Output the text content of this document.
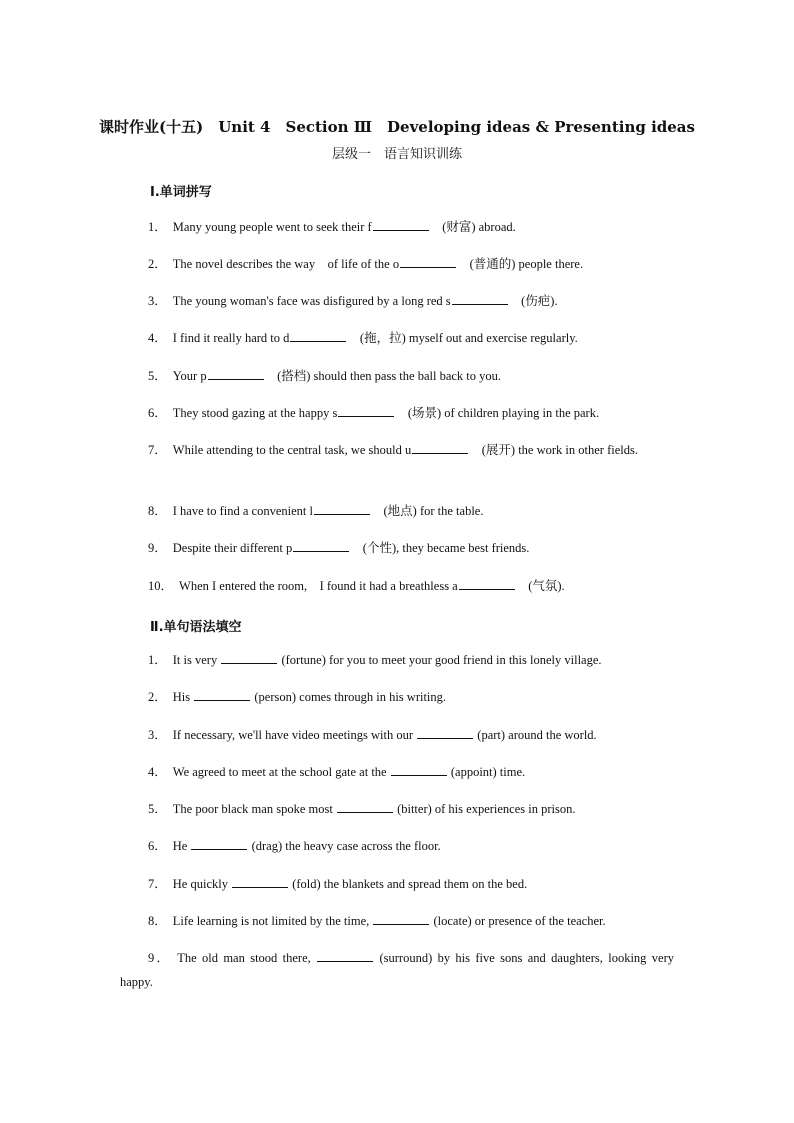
课时作业(十五)　Unit 4　Section Ⅲ　Developing ideas & Presenting ideas
层级一　语言知识训练
Ⅰ.单词拼写
1． Many young people went to seek their f	　(财富) abroad.
2． The novel describes the way　of life of the o	　(普通的) people there.
3． The young woman's face was disfigured by a long red s	　(伤疤).
4． I find it really hard to d	　(拖，拉) myself out and exercise regularly.
5． Your p	　(搭档) should then pass the ball back to you.
6． They stood gazing at the happy s	　(场景) of children playing in the park.
7． While attending to the central task, we should u	　(展开) the work in other fields.
8． I have to find a convenient l	　(地点) for the table.
9． Despite their different p	　(个性), they became best friends.
10． When I entered the room,　I found it had a breathless a	　(气氛).
Ⅱ.单句语法填空
1． It is very	(fortune) for you to meet your good friend in this lonely village.
2． His	(person) comes through in his writing.
3． If necessary, we'll have video meetings with our	(part) around the world.
4． We agreed to meet at the school gate at the	(appoint) time.
5． The poor black man spoke most	(bitter) of his experiences in prison.
6． He	(drag) the heavy case across the floor.
7． He quickly	(fold) the blankets and spread them on the bed.
8． Life learning is not limited by the time,	(locate) or presence of the teacher.
9． The old man stood there,	(surround) by his five sons and daughters, looking very happy.
